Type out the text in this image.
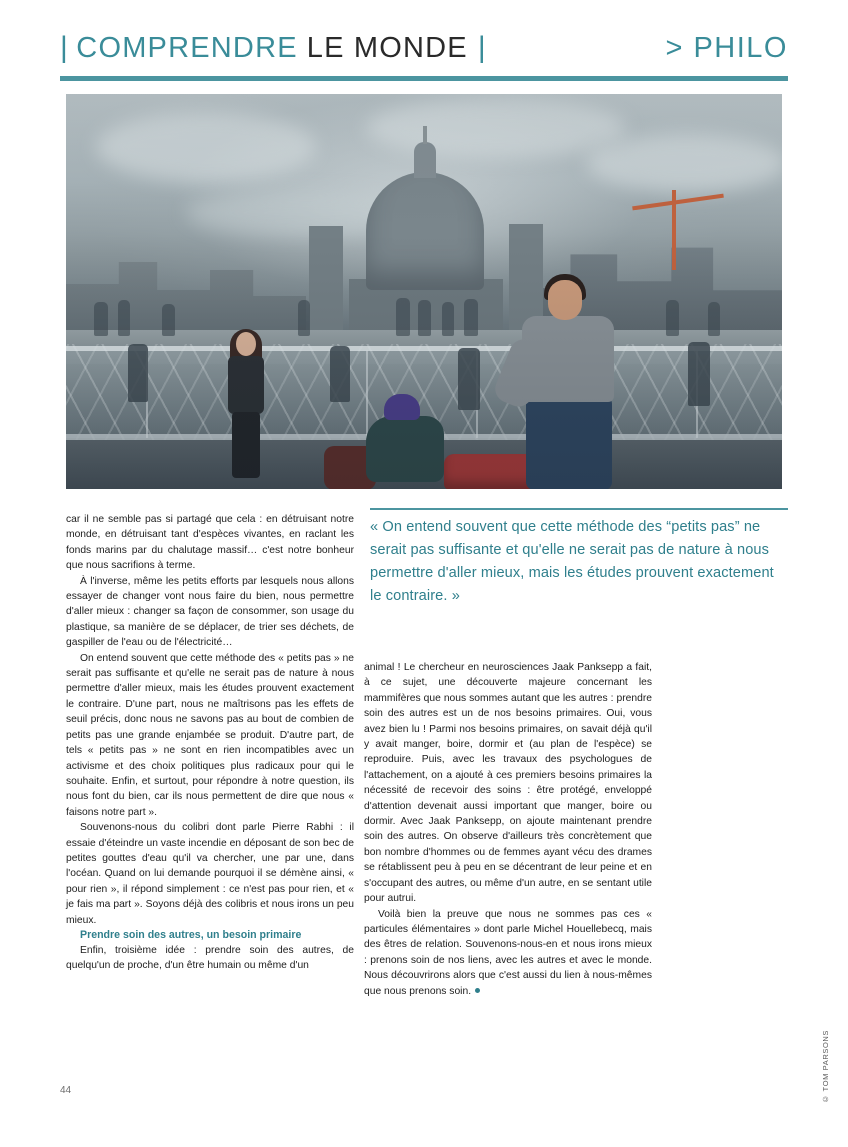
| COMPRENDRE LE MONDE |	> PHILO

car il ne semble pas si partagé que cela : en détruisant notre monde, en détruisant tant d'espèces vivantes, en raclant les fonds marins par du chalutage massif… c'est notre bonheur que nous sacrifions à terme.

À l'inverse, même les petits efforts par lesquels nous allons essayer de changer vont nous faire du bien, nous permettre d'aller mieux : changer sa façon de consommer, son usage du plastique, sa manière de se déplacer, de trier ses déchets, de gaspiller de l'eau ou de l'électricité…

On entend souvent que cette méthode des « petits pas » ne serait pas suffisante et qu'elle ne serait pas de nature à nous permettre d'aller mieux, mais les études prouvent exactement le contraire. D'une part, nous ne maîtrisons pas les effets de seuil précis, donc nous ne savons pas au bout de combien de petits pas une grande enjambée se produit. D'autre part, de tels « petits pas » ne sont en rien incompatibles avec un activisme et des choix politiques plus radicaux pour qui le souhaite. Enfin, et surtout, pour répondre à notre question, ils nous font du bien, car ils nous permettent de dire que nous « faisons notre part ».

Souvenons-nous du colibri dont parle Pierre Rabhi : il essaie d'éteindre un vaste incendie en déposant de son bec de petites gouttes d'eau qu'il va chercher, une par une, dans l'océan. Quand on lui demande pourquoi il se démène ainsi, « pour rien », il répond simplement : ce n'est pas pour rien, et « je fais ma part ». Soyons déjà des colibris et nous irons un peu mieux.

Prendre soin des autres, un besoin primaire

Enfin, troisième idée : prendre soin des autres, de quelqu'un de proche, d'un être humain ou même d'un

« On entend souvent que cette méthode des “petits pas” ne serait pas suffisante et qu'elle ne serait pas de nature à nous permettre d'aller mieux, mais les études prouvent exactement le contraire. »

animal ! Le chercheur en neurosciences Jaak Panksepp a fait, à ce sujet, une découverte majeure concernant les mammifères que nous sommes autant que les autres : prendre soin des autres est un de nos besoins primaires. Oui, vous avez bien lu ! Parmi nos besoins primaires, on savait déjà qu'il y avait manger, boire, dormir et (au plan de l'espèce) se reproduire. Puis, avec les travaux des psychologues de l'attachement, on a ajouté à ces premiers besoins primaires la nécessité de recevoir des soins : être protégé, enveloppé d'attention devenait aussi important que manger, boire ou dormir. Avec Jaak Panksepp, on ajoute maintenant prendre soin des autres. On observe d'ailleurs très concrètement que bon nombre d'hommes ou de femmes ayant vécu des drames se rétablissent peu à peu en se décentrant de leur peine et en s'occupant des autres, ou même d'un autre, en se sentant utile pour autrui.

Voilà bien la preuve que nous ne sommes pas ces « particules élémentaires » dont parle Michel Houellebecq, mais des êtres de relation. Souvenons-nous-en et nous irons mieux : prenons soin de nos liens, avec les autres et avec le monde. Nous découvrirons alors que c'est aussi du lien à nous-mêmes que nous prenons soin.

44	© TOM PARSONS
